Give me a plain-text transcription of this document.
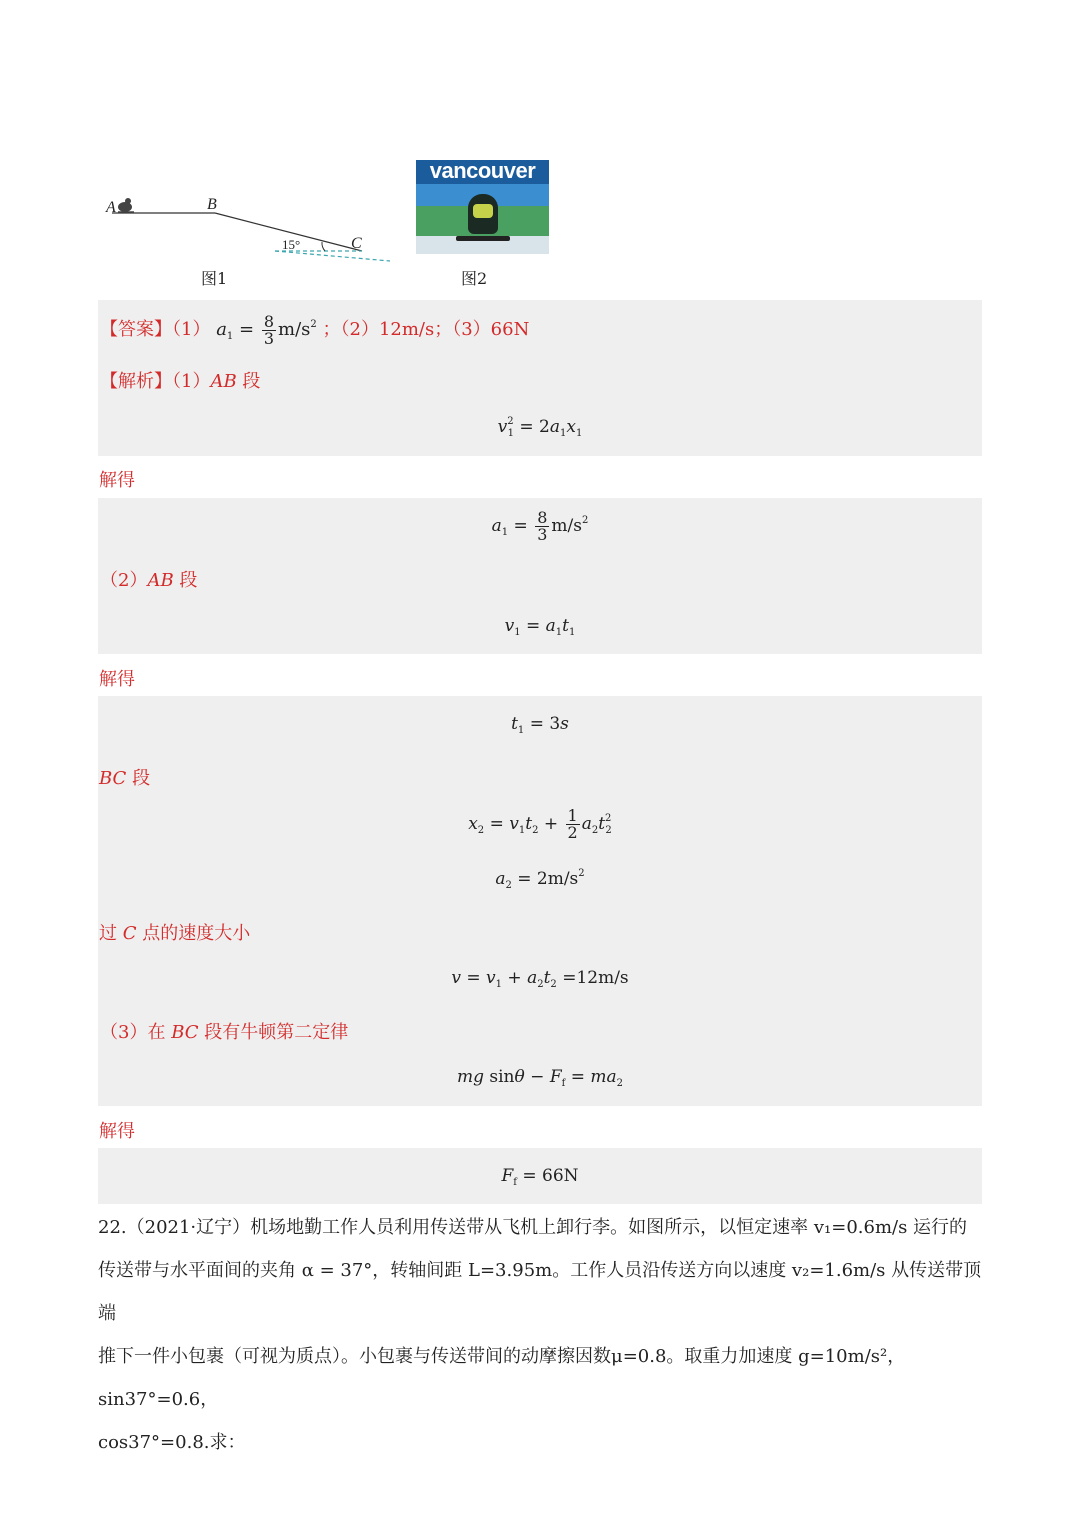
A	B
C
15°
图1
vancouver
图2
【答案】（1） $a_1 = \frac{8}{3} m/s^2$ ；（2）12m/s；（3）66N
【解析】（1）AB 段
$v^2_1 = 2a_1x_1$
解得
$a_1 = \frac{8}{3} m/s^2$
（2）AB 段
$v_1 = a_1t_1$
解得
$t_1 = 3s$
BC 段
$x_2 = v_1t_2 + \frac{1}{2} a_2t^2_2$
$a_2 = 2m/s^2$
过 C 点的速度大小
$v = v_1 + a_2t_2 =12m/s$
（3）在 BC 段有牛顿第二定律
mg $\sin\theta - F_f = ma_2$
解得
$F_f = 66N$
22.（2021·辽宁）机场地勤工作人员利用传送带从飞机上卸行李。如图所示，以恒定速率 v₁=0.6m/s 运行的
传送带与水平面间的夹角 α = 37°，转轴间距 L=3.95m。工作人员沿传送方向以速度 v₂=1.6m/s 从传送带顶端
推下一件小包裹（可视为质点）。小包裹与传送带间的动摩擦因数μ=0.8。取重力加速度 g=10m/s²，sin37°=0.6，
cos37°=0.8.求：
